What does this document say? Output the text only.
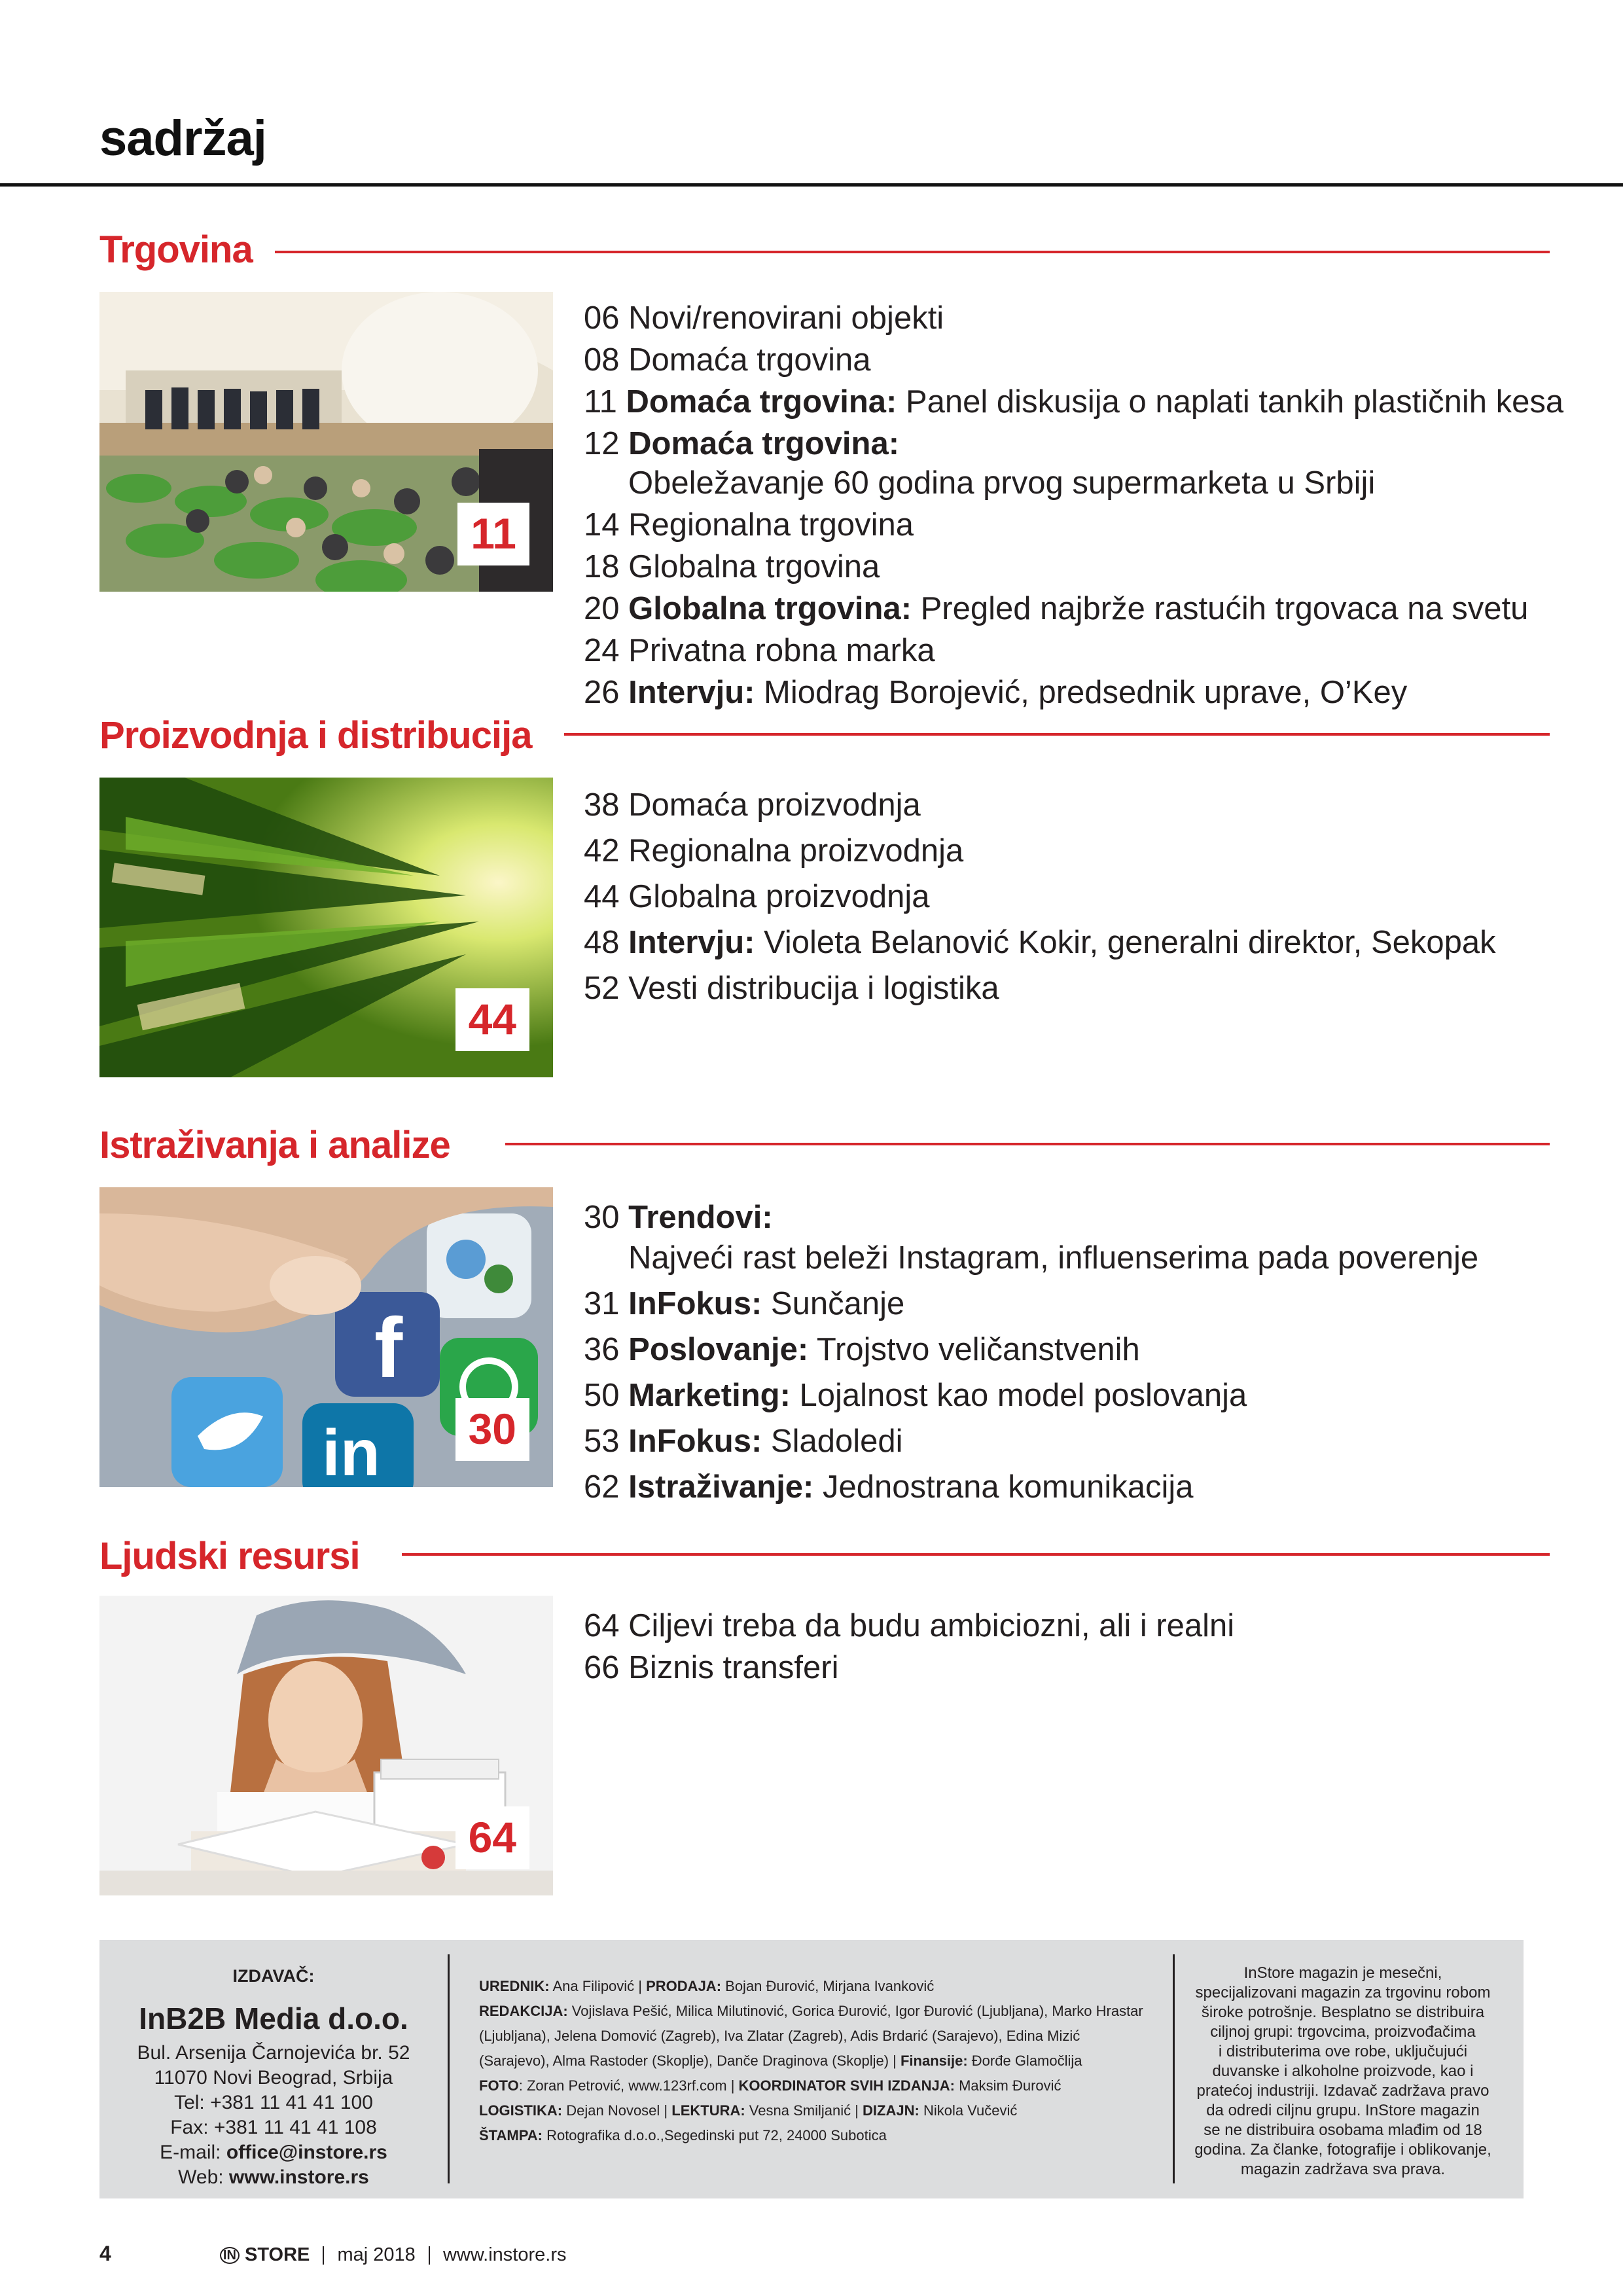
sadržaj
Trgovina
11
06 Novi/renovirani objekti
08 Domaća trgovina
11 Domaća trgovina: Panel diskusija o naplati tankih plastičnih kesa
12 Domaća trgovina:
Obeležavanje 60 godina prvog supermarketa u Srbiji
14 Regionalna trgovina
18 Globalna trgovina
20 Globalna trgovina: Pregled najbrže rastućih trgovaca na svetu
24 Privatna robna marka
26 Intervju: Miodrag Borojević, predsednik uprave, O’Key
Proizvodnja i distribucija
44
38 Domaća proizvodnja
42 Regionalna proizvodnja
44 Globalna proizvodnja
48 Intervju: Violeta Belanović Kokir, generalni direktor, Sekopak
52 Vesti distribucija i logistika
Istraživanja i analize
f
in	30
30 Trendovi:
Najveći rast beleži Instagram, influenserima pada poverenje
31 InFokus: Sunčanje
36 Poslovanje: Trojstvo veličanstvenih
50 Marketing: Lojalnost kao model poslovanja
53 InFokus: Sladoledi
62 Istraživanje: Jednostrana komunikacija
Ljudski resursi
64
64 Ciljevi treba da budu ambiciozni, ali i realni
66 Biznis transferi
IZDAVAČ:
InB2B Media d.o.o.
Bul. Arsenija Čarnojevića br. 52
11070 Novi Beograd, Srbija
Tel: +381 11 41 41 100
Fax: +381 11 41 41 108
E-mail: office@instore.rs
Web: www.instore.rs
UREDNIK: Ana Filipović | PRODAJA: Bojan Đurović, Mirjana Ivanković
REDAKCIJA: Vojislava Pešić, Milica Milutinović, Gorica Đurović, Igor Đurović (Ljubljana), Marko Hrastar
(Ljubljana), Jelena Domović (Zagreb), Iva Zlatar (Zagreb), Adis Brdarić (Sarajevo), Edina Mizić
(Sarajevo), Alma Rastoder (Skoplje), Danče Draginova (Skoplje) | Finansije: Đorđe Glamočlija
FOTO: Zoran Petrović, www.123rf.com | KOORDINATOR SVIH IZDANJA: Maksim Đurović
LOGISTIKA: Dejan Novosel | LEKTURA: Vesna Smiljanić | DIZAJN: Nikola Vučević
ŠTAMPA: Rotografika d.o.o.,Segedinski put 72, 24000 Subotica
InStore magazin je mesečni,
specijalizovani magazin za trgovinu robom
široke potrošnje. Besplatno se distribuira
ciljnoj grupi: trgovcima, proizvođačima
i distributerima ove robe, uključujući
duvanske i alkoholne proizvode, kao i
pratećoj industriji. Izdavač zadržava pravo
da odredi ciljnu grupu. InStore magazin
se ne distribuira osobama mlađim od 18
godina. Za članke, fotografije i oblikovanje,
magazin zadržava sva prava.
4	IN STORE maj 2018 www.instore.rs
